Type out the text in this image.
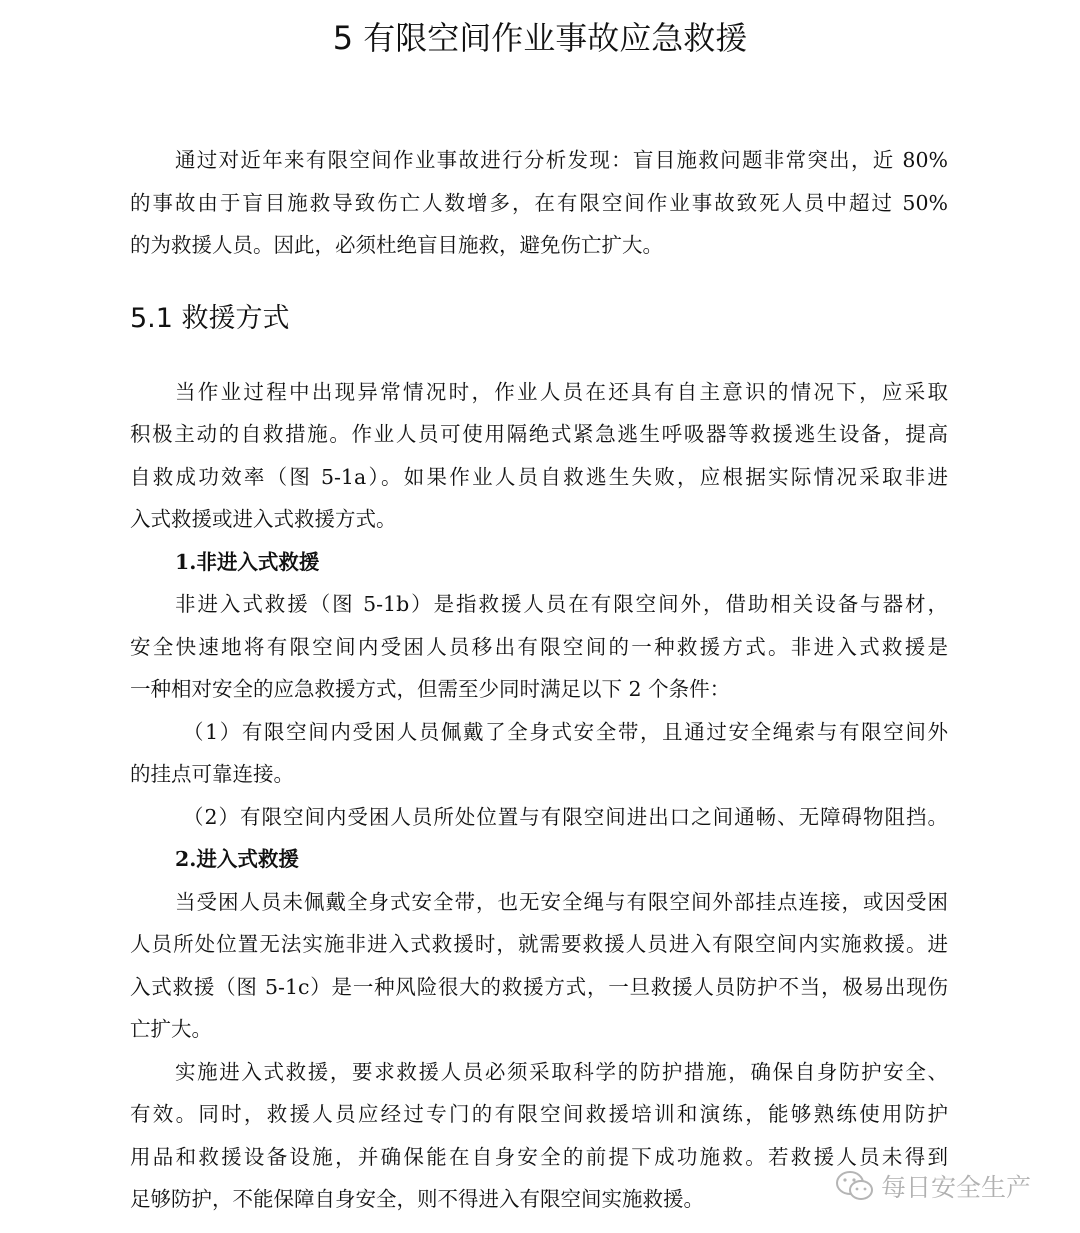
5 有限空间作业事故应急救援
通过对近年来有限空间作业事故进行分析发现：盲目施救问题非常突出，近 80%
的事故由于盲目施救导致伤亡人数增多，在有限空间作业事故致死人员中超过 50%
的为救援人员。因此，必须杜绝盲目施救，避免伤亡扩大。
5.1 救援方式
当作业过程中出现异常情况时，作业人员在还具有自主意识的情况下，应采取
积极主动的自救措施。作业人员可使用隔绝式紧急逃生呼吸器等救援逃生设备，提高
自救成功效率（图 5-1a）。如果作业人员自救逃生失败，应根据实际情况采取非进
入式救援或进入式救援方式。
1.非进入式救援
非进入式救援（图 5-1b）是指救援人员在有限空间外，借助相关设备与器材，
安全快速地将有限空间内受困人员移出有限空间的一种救援方式。非进入式救援是
一种相对安全的应急救援方式，但需至少同时满足以下 2 个条件：
（1）有限空间内受困人员佩戴了全身式安全带，且通过安全绳索与有限空间外
的挂点可靠连接。
（2）有限空间内受困人员所处位置与有限空间进出口之间通畅、无障碍物阻挡。
2.进入式救援
当受困人员未佩戴全身式安全带，也无安全绳与有限空间外部挂点连接，或因受困
人员所处位置无法实施非进入式救援时，就需要救援人员进入有限空间内实施救援。进
入式救援（图 5-1c）是一种风险很大的救援方式，一旦救援人员防护不当，极易出现伤
亡扩大。
实施进入式救援，要求救援人员必须采取科学的防护措施，确保自身防护安全、
有效。同时，救援人员应经过专门的有限空间救援培训和演练，能够熟练使用防护
用品和救援设备设施，并确保能在自身安全的前提下成功施救。若救援人员未得到
足够防护，不能保障自身安全，则不得进入有限空间实施救援。	每日安全生产
